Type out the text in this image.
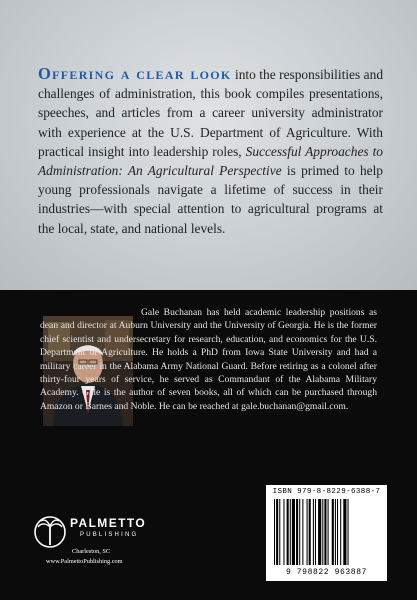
Offering a clear look into the responsibilities and challenges of administration, this book compiles presentations, speeches, and articles from a career university administrator with experience at the U.S. Department of Agriculture. With practical insight into leadership roles, Successful Approaches to Administration: An Agricultural Perspective is primed to help young professionals navigate a lifetime of success in their industries—with special attention to agricultural programs at the local, state, and national levels.
Gale Buchanan has held academic leadership positions as dean and director at Auburn University and the University of Georgia. He is the former chief scientist and undersecretary for research, education, and economics for the U.S. Department of Agriculture. He holds a PhD from Iowa State University and had a military career in the Alabama Army National Guard. Before retiring as a colonel after thirty-four years of service, he served as Commandant of the Alabama Military Academy. Gale is the author of seven books, all of which can be purchased through Amazon or Barnes and Noble. He can be reached at gale.buchanan@gmail.com.
PALMETTO
PUBLISHING
Charleston, SC
www.PalmettoPublishing.com
ISBN 979-8-8229-6388-7
9 798822 963887
